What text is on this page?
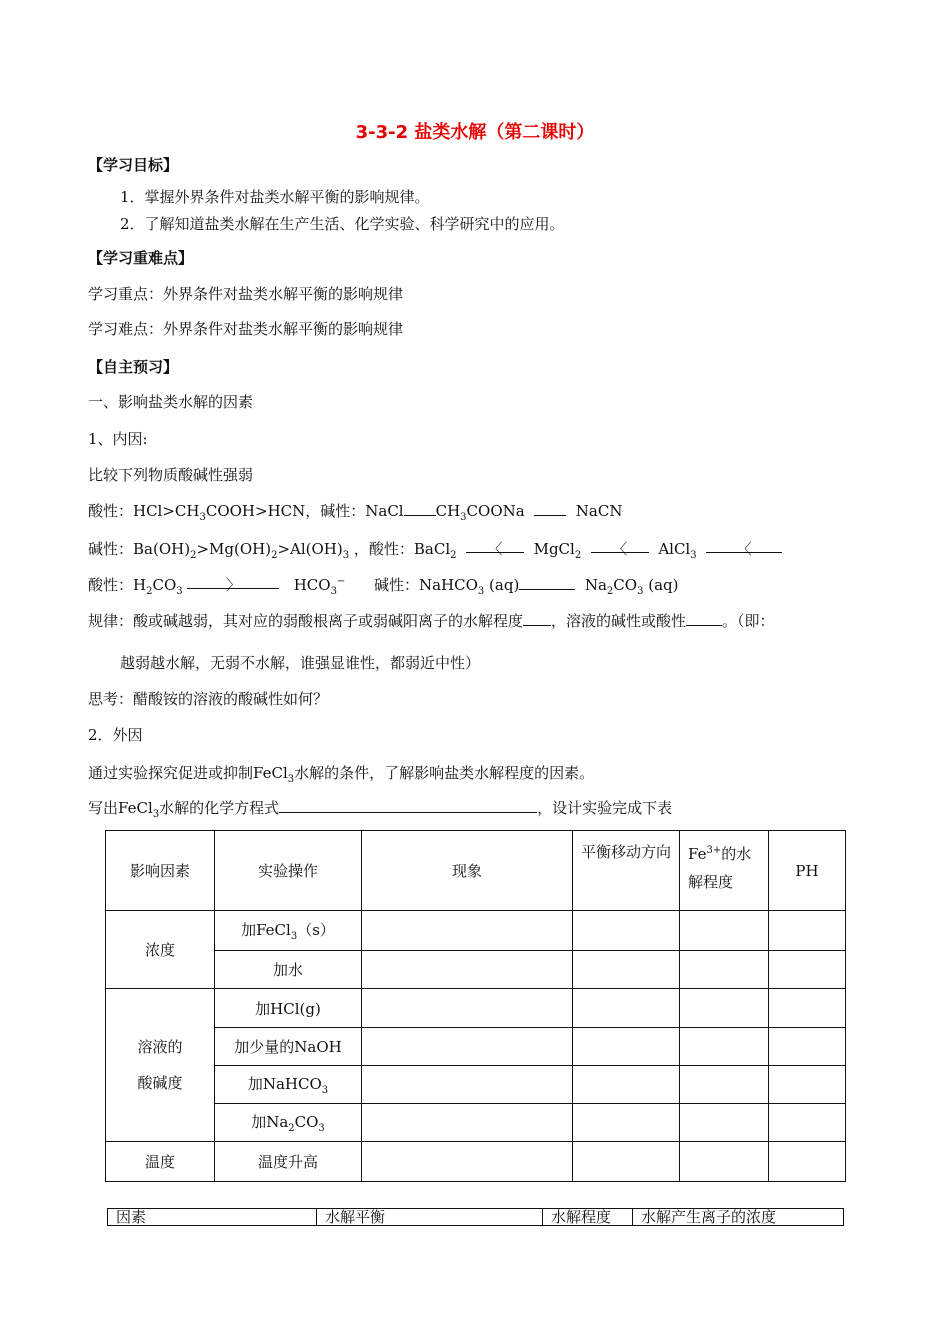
3-3-2 盐类水解（第二课时）
【学习目标】
1．掌握外界条件对盐类水解平衡的影响规律。
2．了解知道盐类水解在生产生活、化学实验、科学研究中的应用。
【学习重难点】
学习重点：外界条件对盐类水解平衡的影响规律
学习难点：外界条件对盐类水解平衡的影响规律
【自主预习】
一、影响盐类水解的因素
1、内因:
比较下列物质酸碱性强弱
酸性：$HCl>CH_3COOH>HCN$，碱性：NaCl $CH_3COONa$	NaCN
碱性：$Ba(OH)_2>Mg(OH)_2>Al(OH)_3$ ，酸性：BaCl$_2$ 〈 MgCl$_2$ 〈 AlCl$_3$	〈
酸性：$H_2CO_3$	〉	$HCO_3^-$ 碱性：NaHCO$_3$ (aq)	$Na_2CO_3$ (aq)
规律：酸或碱越弱，其对应的弱酸根离子或弱碱阳离子的水解程度 ，溶液的碱性或酸性 。（即：
越弱越水解，无弱不水解，谁强显谁性，都弱近中性）
思考：醋酸铵的溶液的酸碱性如何？
2．外因
通过实验探究促进或抑制FeCl$_3$水解的条件，了解影响盐类水解程度的因素。
写出FeCl$_3$水解的化学方程式	，设计实验完成下表
影响因素	实验操作	现象	平衡移动方向	$Fe^{3+}$的水解程度	PH
浓度	加FeCl$_3$（s）				
	加水				
溶液的
酸碱度	加HCl(g)				
	加少量的NaOH				
	加NaHCO$_3$				
	加$Na_2CO_3$				
温度	温度升高				
因素	水解平衡	水解程度	水解产生离子的浓度
